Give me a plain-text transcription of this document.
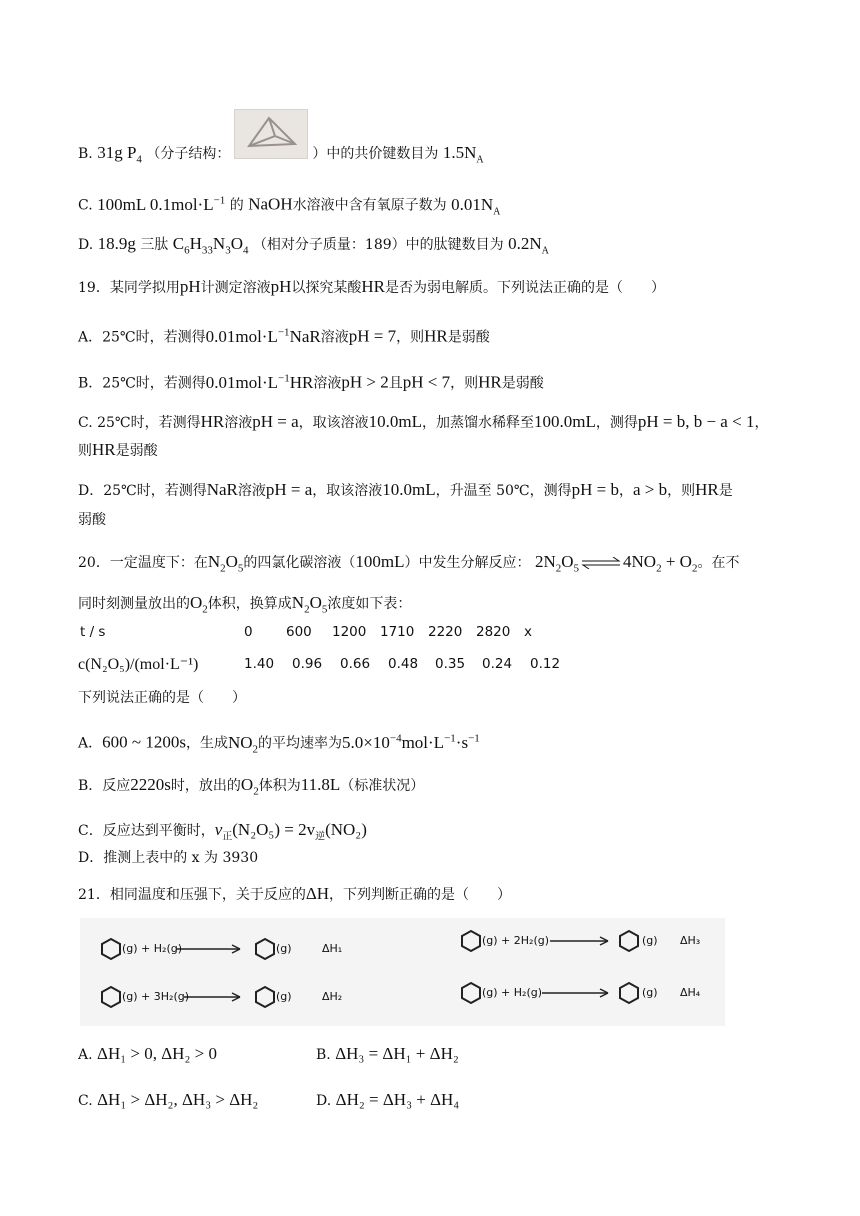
B. 31g $P_4$ （分子结构：	）中的共价键数目为 $1.5N_A$
C. 100mL $0.1mol\cdot L^{-1}$ 的 NaOH水溶液中含有氧原子数为 $0.01N_A$
D. 18.9g 三肽 $C_6H_{33}N_3O_4$ （相对分子质量：189）中的肽键数目为 $0.2N_A$
19．某同学拟用pH计测定溶液pH以探究某酸HR是否为弱电解质。下列说法正确的是（　　）
A．25℃时，若测得$0.01mol\cdot L^{-1}NaR$溶液pH = 7，则HR是弱酸
B．25℃时，若测得$0.01mol\cdot L^{-1}HR$溶液pH > 2且pH < 7，则HR是弱酸
C. 25℃时，若测得HR溶液pH = a，取该溶液10.0mL，加蒸馏水稀释至100.0mL，测得pH = b, b − a < 1，
则HR是弱酸
D．25℃时，若测得NaR溶液pH = a，取该溶液10.0mL，升温至 50℃，测得pH = b，a > b，则HR是
弱酸
20．一定温度下：在$N_2O_5$的四氯化碳溶液（100mL）中发生分解反应： $2N_2O_5$ ⇌ $4NO_2 + O_2$。在不
同时刻测量放出的$O_2$体积，换算成$N_2O_5$浓度如下表：
t / s	0 600 1200 1710 2220 2820 x
c(N₂O₅)/(mol·L⁻¹)	1.40 0.96 0.66 0.48 0.35 0.24 0.12
下列说法正确的是（　　）
A．600 ~ 1200s，生成$NO_2$的平均速率为$5.0\times 10^{-4}mol\cdot L^{-1}\cdot s^{-1}$
B．反应2220s时，放出的$O_2$体积为11.8L（标准状况）
C．反应达到平衡时，$v_正(N_2O_5) = 2v_逆(NO_2)$
D．推测上表中的 x 为 3930
21．相同温度和压强下，关于反应的ΔH，下列判断正确的是（　　）
(g) + H₂(g)	(g)	ΔH₁
(g) + 3H₂(g)	(g)	ΔH₂
(g) + 2H₂(g)	(g) ΔH₃
(g) + H₂(g)	(g) ΔH₄
A. ΔH₁ > 0, ΔH₂ > 0	B. ΔH₃ = ΔH₁ + ΔH₂
C. ΔH₁ > ΔH₂, ΔH₃ > ΔH₂	D. ΔH₂ = ΔH₃ + ΔH₄
